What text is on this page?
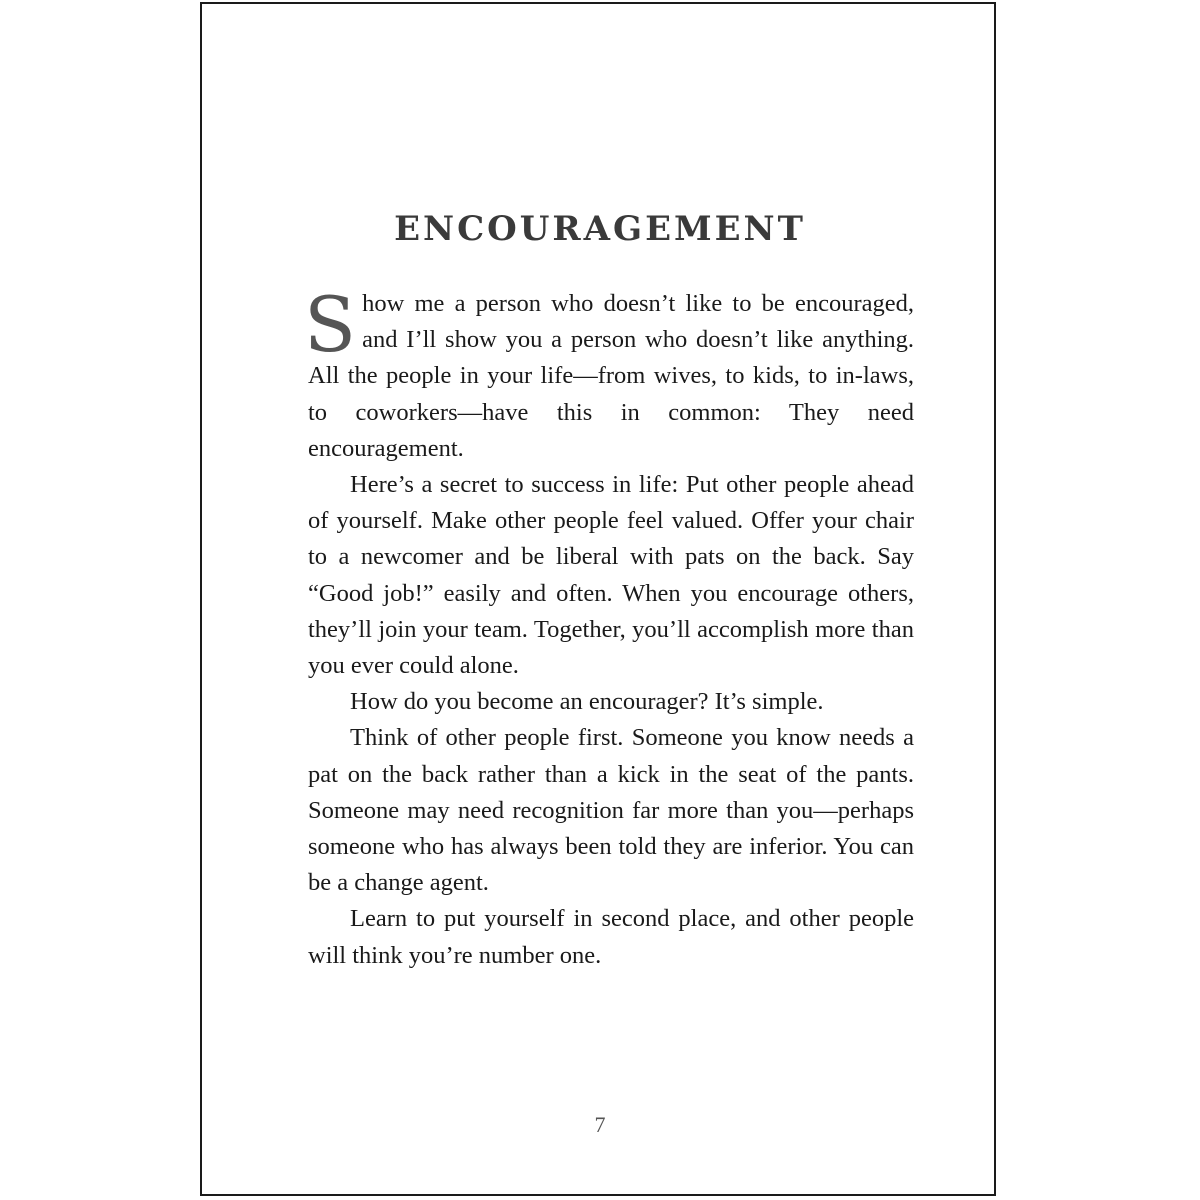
ENCOURAGEMENT

Show me a person who doesn’t like to be encouraged, and I’ll show you a person who doesn’t like anything. All the people in your life—from wives, to kids, to in-laws, to coworkers—have this in common: They need encouragement.

Here’s a secret to success in life: Put other people ahead of yourself. Make other people feel valued. Offer your chair to a newcomer and be liberal with pats on the back. Say “Good job!” easily and often. When you encourage others, they’ll join your team. Together, you’ll accomplish more than you ever could alone.

How do you become an encourager? It’s simple.

Think of other people first. Someone you know needs a pat on the back rather than a kick in the seat of the pants. Someone may need recognition far more than you—perhaps someone who has always been told they are inferior. You can be a change agent.

Learn to put yourself in second place, and other people will think you’re number one.

7
